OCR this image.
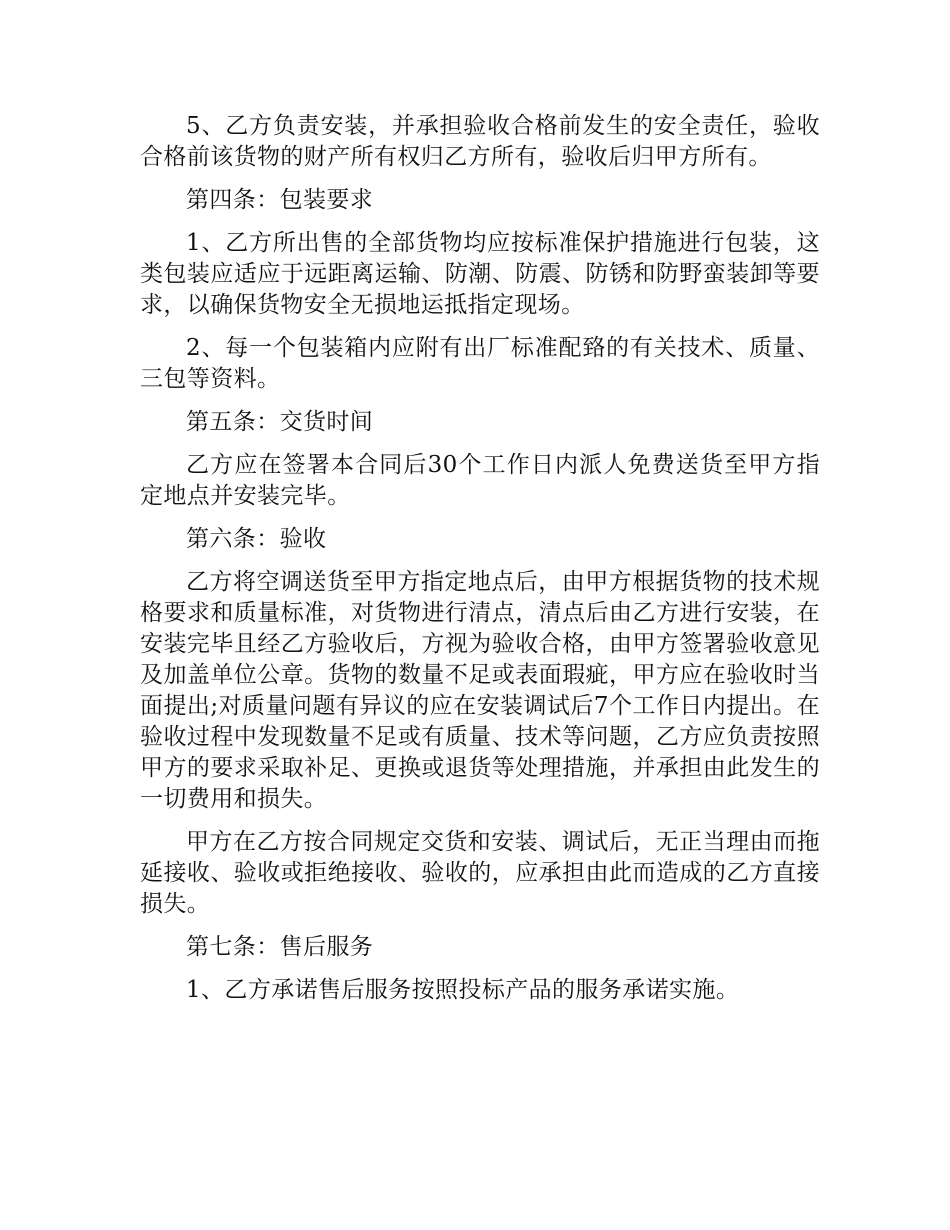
5、乙方负责安装，并承担验收合格前发生的安全责任，验收合格前该货物的财产所有权归乙方所有，验收后归甲方所有。

第四条：包装要求

1、乙方所出售的全部货物均应按标准保护措施进行包装，这类包装应适应于远距离运输、防潮、防震、防锈和防野蛮装卸等要求，以确保货物安全无损地运抵指定现场。

2、每一个包装箱内应附有出厂标准配臵的有关技术、质量、三包等资料。

第五条：交货时间

乙方应在签署本合同后30个工作日内派人免费送货至甲方指定地点并安装完毕。

第六条：验收

乙方将空调送货至甲方指定地点后，由甲方根据货物的技术规格要求和质量标准，对货物进行清点，清点后由乙方进行安装，在安装完毕且经乙方验收后，方视为验收合格，由甲方签署验收意见及加盖单位公章。货物的数量不足或表面瑕疵，甲方应在验收时当面提出;对质量问题有异议的应在安装调试后7个工作日内提出。在验收过程中发现数量不足或有质量、技术等问题，乙方应负责按照甲方的要求采取补足、更换或退货等处理措施，并承担由此发生的一切费用和损失。

甲方在乙方按合同规定交货和安装、调试后，无正当理由而拖延接收、验收或拒绝接收、验收的，应承担由此而造成的乙方直接损失。

第七条：售后服务

1、乙方承诺售后服务按照投标产品的服务承诺实施。
